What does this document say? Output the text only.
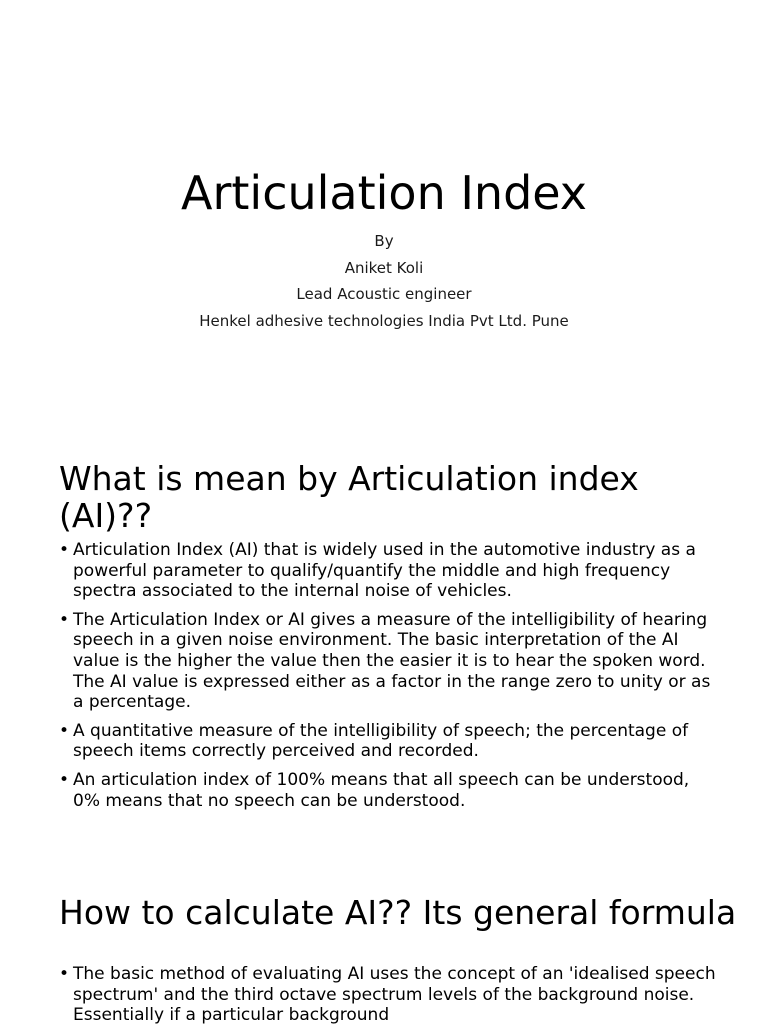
Articulation Index
By
Aniket Koli
Lead Acoustic engineer
Henkel adhesive technologies India Pvt Ltd. Pune
What is mean by Articulation index (AI)??
• Articulation Index (AI) that is widely used in the automotive industry as a powerful parameter to qualify/quantify the middle and high frequency spectra associated to the internal noise of vehicles.
• The Articulation Index or AI gives a measure of the intelligibility of hearing speech in a given noise environment. The basic interpretation of the AI value is the higher the value then the easier it is to hear the spoken word. The AI value is expressed either as a factor in the range zero to unity or as a percentage.
• A quantitative measure of the intelligibility of speech; the percentage of speech items correctly perceived and recorded.
• An articulation index of 100% means that all speech can be understood, 0% means that no speech can be understood.
How to calculate AI?? Its general formula
• The basic method of evaluating AI uses the concept of an 'idealised speech spectrum' and the third octave spectrum levels of the background noise. Essentially if a particular background
